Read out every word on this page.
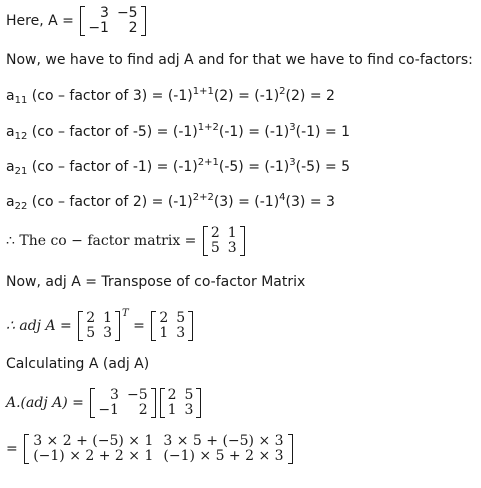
Here, A = 3	−5
−1	2
Now, we have to find adj A and for that we have to find co-factors:
$a_{11}$ (co – factor of $3) = (-1)^{1+1}(2) = (-1)^2(2) = 2$
$a_{12}$ (co – factor of $-5) = (-1)^{1+2}(-1) = (-1)^3(-1) = 1$
$a_{21}$ (co – factor of $-1) = (-1)^{2+1}(-5) = (-1)^3(-5) = 5$
$a_{22}$ (co – factor of $2) = (-1)^{2+2}(3) = (-1)^4(3) = 3$
∴ The co − factor matrix = 2	1
5	3
Now, adj A = Transpose of co-factor Matrix
∴ adj A = 2	1
5	3
$^T$ = 2	5
1	3
Calculating A (adj A)
A.(adj A) = 3	−5
−1	2
2	5
1	3
= 3 × 2 + (−5) × 1	3 × 5 + (−5) × 3
(−1) × 2 + 2 × 1	(−1) × 5 + 2 × 3
